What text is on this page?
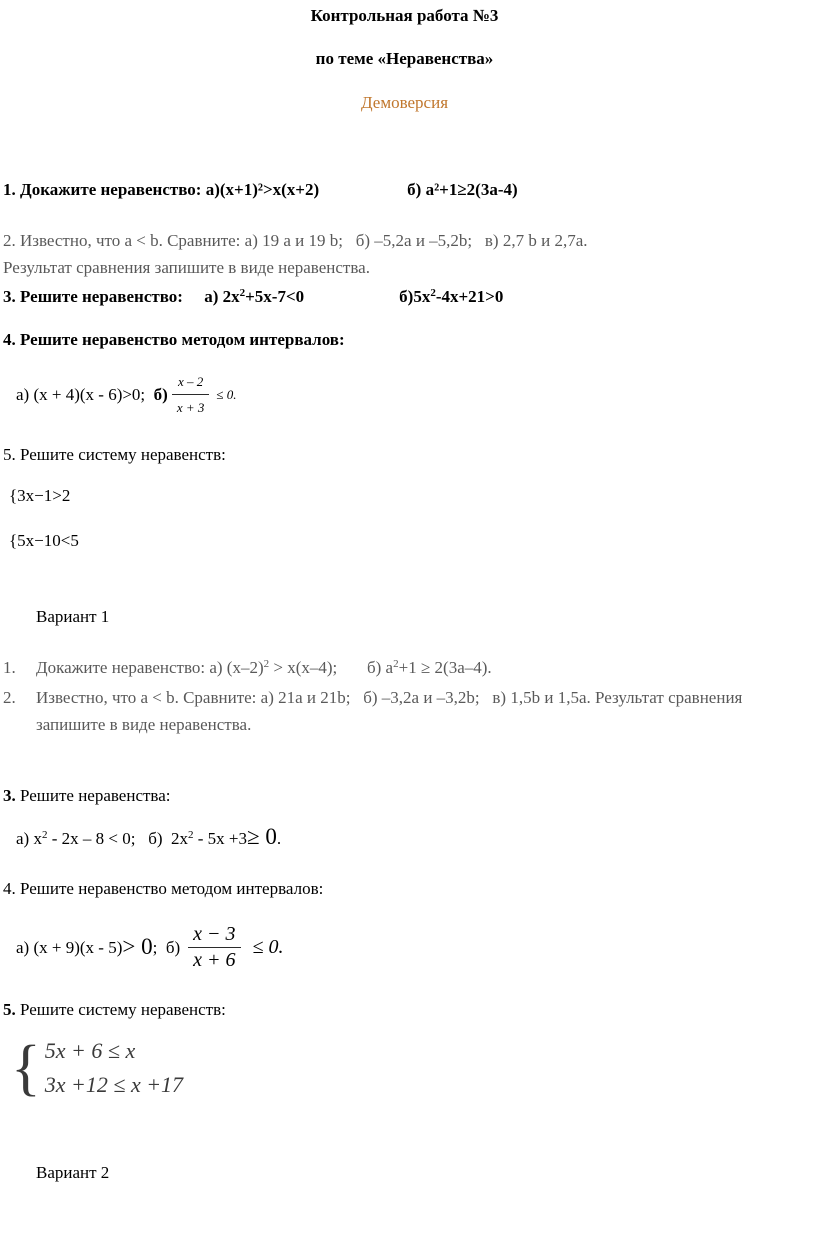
Контрольная работа №3

по теме «Неравенства»

Демоверсия

1. Докажите неравенство: а)(х+1)²>х(х+2)	б) а²+1≥2(3а-4)

2. Известно, что a < b. Сравните: а) 19 а и 19 b;   б) –5,2а и –5,2b;   в) 2,7 b и 2,7а.
Результат сравнения запишите в виде неравенства.

3. Решите неравенство:     а) $2х^2+5х-7<0$	$б)5х^2-4х+21>0$

4. Решите неравенство методом интервалов:

а) (х + 4)(х - 6)>0; $б) \frac{х - 2}{х + 3} \le 0$.

5. Решите систему неравенств:

{3х−1>2

{5х−10<5

Вариант 1

1.	Докажите неравенство: а) $(х-2)^2 > х(х-4)$;       б) $а^2+1 \ge 2(3а-4)$.
2.	Известно, что а < b. Сравните: а) 21а и 21b;   б) –3,2а и –3,2b;   в) 1,5b и 1,5а. Результат сравнения запишите в виде неравенства.

3. Решите неравенства:

а) $х^2 - 2х - 8 < 0$;   б)  $2х^2 - 5х +3\ge 0$.

4. Решите неравенство методом интервалов:

а) (х + 9)(х - 5) > 0 ;  $б) \frac{х - 3}{х + 6} \le 0$.

5. Решите систему неравенств:

{ 5x + 6 ≤ x
3x +12 ≤ x +17

Вариант 2
